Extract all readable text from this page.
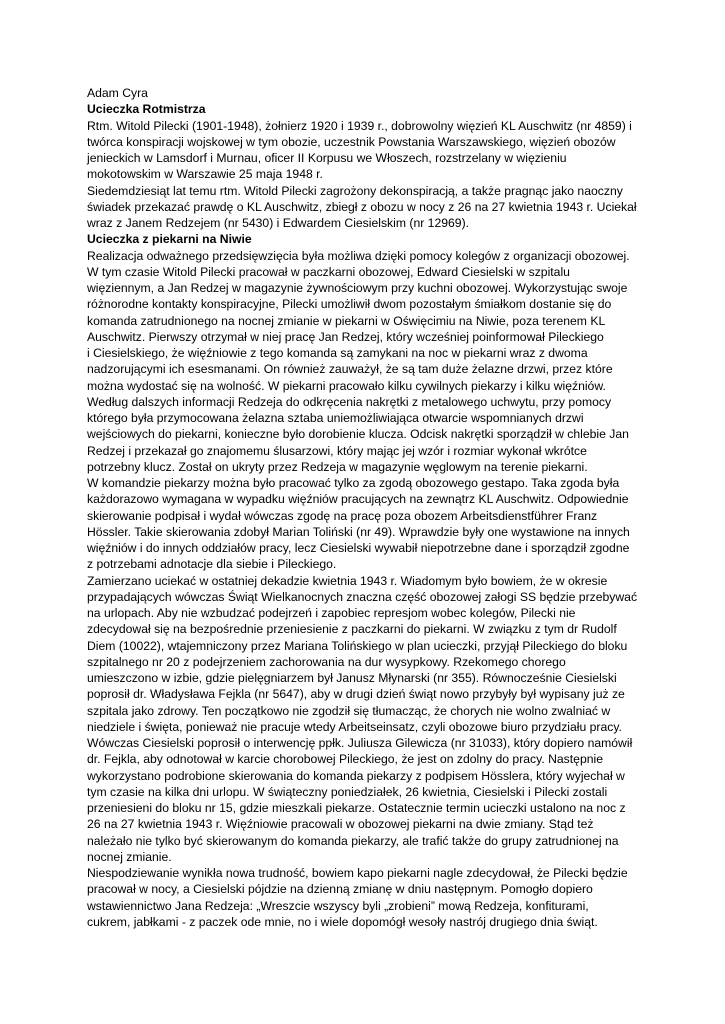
Adam Cyra

Ucieczka Rotmistrza
Rtm. Witold Pilecki (1901-1948), żołnierz 1920 i 1939 r., dobrowolny więzień KL Auschwitz (nr 4859) i
twórca konspiracji wojskowej w tym obozie, uczestnik Powstania Warszawskiego, więzień obozów
jenieckich w Lamsdorf i Murnau, oficer II Korpusu we Włoszech, rozstrzelany w więzieniu
mokotowskim w Warszawie 25 maja 1948 r.
Siedemdziesiąt lat temu rtm. Witold Pilecki zagrożony dekonspiracją, a także pragnąc jako naoczny
świadek przekazać prawdę o KL Auschwitz, zbiegł z obozu w nocy z 26 na 27 kwietnia 1943 r. Uciekał
wraz z Janem Redzejem (nr 5430) i Edwardem Ciesielskim (nr 12969).
Ucieczka z piekarni na Niwie
Realizacja odważnego przedsięwzięcia była możliwa dzięki pomocy kolegów z organizacji obozowej.
W tym czasie Witold Pilecki pracował w paczkarni obozowej, Edward Ciesielski w szpitalu
więziennym, a Jan Redzej w magazynie żywnościowym przy kuchni obozowej. Wykorzystując swoje
różnorodne kontakty konspiracyjne, Pilecki umożliwił dwom pozostałym śmiałkom dostanie się do
komanda zatrudnionego na nocnej zmianie w piekarni w Oświęcimiu na Niwie, poza terenem KL
Auschwitz. Pierwszy otrzymał w niej pracę Jan Redzej, który wcześniej poinformował Pileckiego
i Ciesielskiego, że więźniowie z tego komanda są zamykani na noc w piekarni wraz z dwoma
nadzorującymi ich esesmanami. On również zauważył, że są tam duże żelazne drzwi, przez które
można wydostać się na wolność. W piekarni pracowało kilku cywilnych piekarzy i kilku więźniów.
Według dalszych informacji Redzeja do odkręcenia nakrętki z metalowego uchwytu, przy pomocy
którego była przymocowana żelazna sztaba uniemożliwiająca otwarcie wspomnianych drzwi
wejściowych do piekarni, konieczne było dorobienie klucza. Odcisk nakrętki sporządził w chlebie Jan
Redzej i przekazał go znajomemu ślusarzowi, który mając jej wzór i rozmiar wykonał wkrótce
potrzebny klucz. Został on ukryty przez Redzeja w magazynie węglowym na terenie piekarni.
W komandzie piekarzy można było pracować tylko za zgodą obozowego gestapo. Taka zgoda była
każdorazowo wymagana w wypadku więźniów pracujących na zewnątrz KL Auschwitz. Odpowiednie
skierowanie podpisał i wydał wówczas zgodę na pracę poza obozem Arbeitsdienstführer Franz
Hössler. Takie skierowania zdobył Marian Toliński (nr 49). Wprawdzie były one wystawione na innych
więźniów i do innych oddziałów pracy, lecz Ciesielski wywabił niepotrzebne dane i sporządził zgodne
z potrzebami adnotacje dla siebie i Pileckiego.
Zamierzano uciekać w ostatniej dekadzie kwietnia 1943 r. Wiadomym było bowiem, że w okresie
przypadających wówczas Świąt Wielkanocnych znaczna część obozowej załogi SS będzie przebywać
na urlopach. Aby nie wzbudzać podejrzeń i zapobiec represjom wobec kolegów, Pilecki nie
zdecydował się na bezpośrednie przeniesienie z paczkarni do piekarni. W związku z tym dr Rudolf
Diem (10022), wtajemniczony przez Mariana Tolińskiego w plan ucieczki, przyjął Pileckiego do bloku
szpitalnego nr 20 z podejrzeniem zachorowania na dur wysypkowy. Rzekomego chorego
umieszczono w izbie, gdzie pielęgniarzem był Janusz Młynarski (nr 355). Równocześnie Ciesielski
poprosił dr. Władysława Fejkla (nr 5647), aby w drugi dzień świąt nowo przybyły był wypisany już ze
szpitala jako zdrowy. Ten początkowo nie zgodził się tłumacząc, że chorych nie wolno zwalniać w
niedziele i święta, ponieważ nie pracuje wtedy Arbeitseinsatz, czyli obozowe biuro przydziału pracy.
Wówczas Ciesielski poprosił o interwencję ppłk. Juliusza Gilewicza (nr 31033), który dopiero namówił
dr. Fejkla, aby odnotował w karcie chorobowej Pileckiego, że jest on zdolny do pracy. Następnie
wykorzystano podrobione skierowania do komanda piekarzy z podpisem Hösslera, który wyjechał w
tym czasie na kilka dni urlopu. W świąteczny poniedziałek, 26 kwietnia, Ciesielski i Pilecki zostali
przeniesieni do bloku nr 15, gdzie mieszkali piekarze. Ostatecznie termin ucieczki ustalono na noc z
26 na 27 kwietnia 1943 r. Więźniowie pracowali w obozowej piekarni na dwie zmiany. Stąd też
należało nie tylko być skierowanym do komanda piekarzy, ale trafić także do grupy zatrudnionej na
nocnej zmianie.
Niespodziewanie wynikła nowa trudność, bowiem kapo piekarni nagle zdecydował, że Pilecki będzie
pracował w nocy, a Ciesielski pójdzie na dzienną zmianę w dniu następnym. Pomogło dopiero
wstawiennictwo Jana Redzeja: „Wreszcie wszyscy byli „zrobieni” mową Redzeja, konfiturami,
cukrem, jabłkami - z paczek ode mnie, no i wiele dopomógł wesoły nastrój drugiego dnia świąt.
